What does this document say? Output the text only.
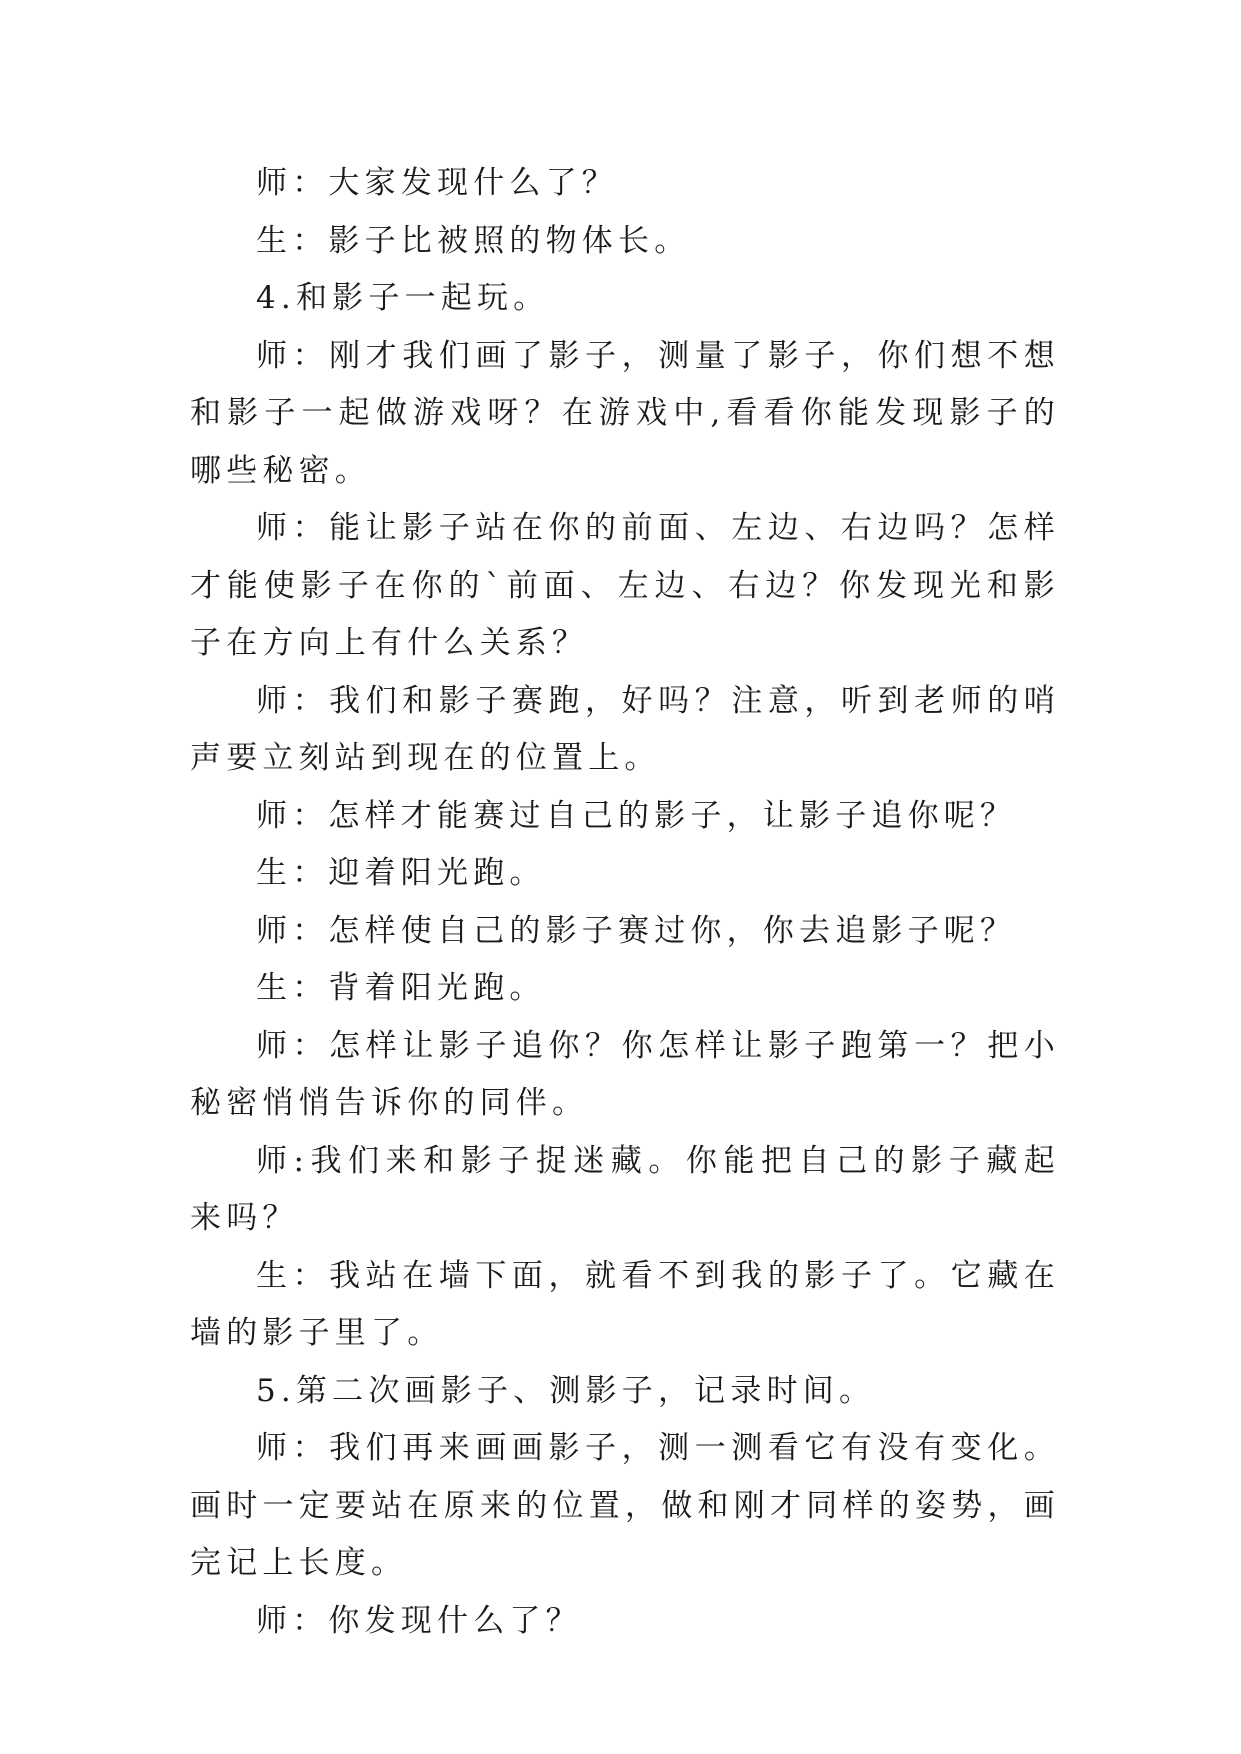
师：大家发现什么了？

生：影子比被照的物体长。

4.和影子一起玩。

师：刚才我们画了影子，测量了影子，你们想不想和影子一起做游戏呀？在游戏中,看看你能发现影子的哪些秘密。

师：能让影子站在你的前面、左边、右边吗？怎样才能使影子在你的`前面、左边、右边？你发现光和影子在方向上有什么关系？

师：我们和影子赛跑，好吗？注意，听到老师的哨声要立刻站到现在的位置上。

师：怎样才能赛过自己的影子，让影子追你呢？

生：迎着阳光跑。

师：怎样使自己的影子赛过你，你去追影子呢？

生：背着阳光跑。

师：怎样让影子追你？你怎样让影子跑第一？把小秘密悄悄告诉你的同伴。

师:我们来和影子捉迷藏。你能把自己的影子藏起来吗？

生：我站在墙下面，就看不到我的影子了。它藏在墙的影子里了。

5.第二次画影子、测影子，记录时间。

师：我们再来画画影子，测一测看它有没有变化。画时一定要站在原来的位置，做和刚才同样的姿势，画完记上长度。

师：你发现什么了？
